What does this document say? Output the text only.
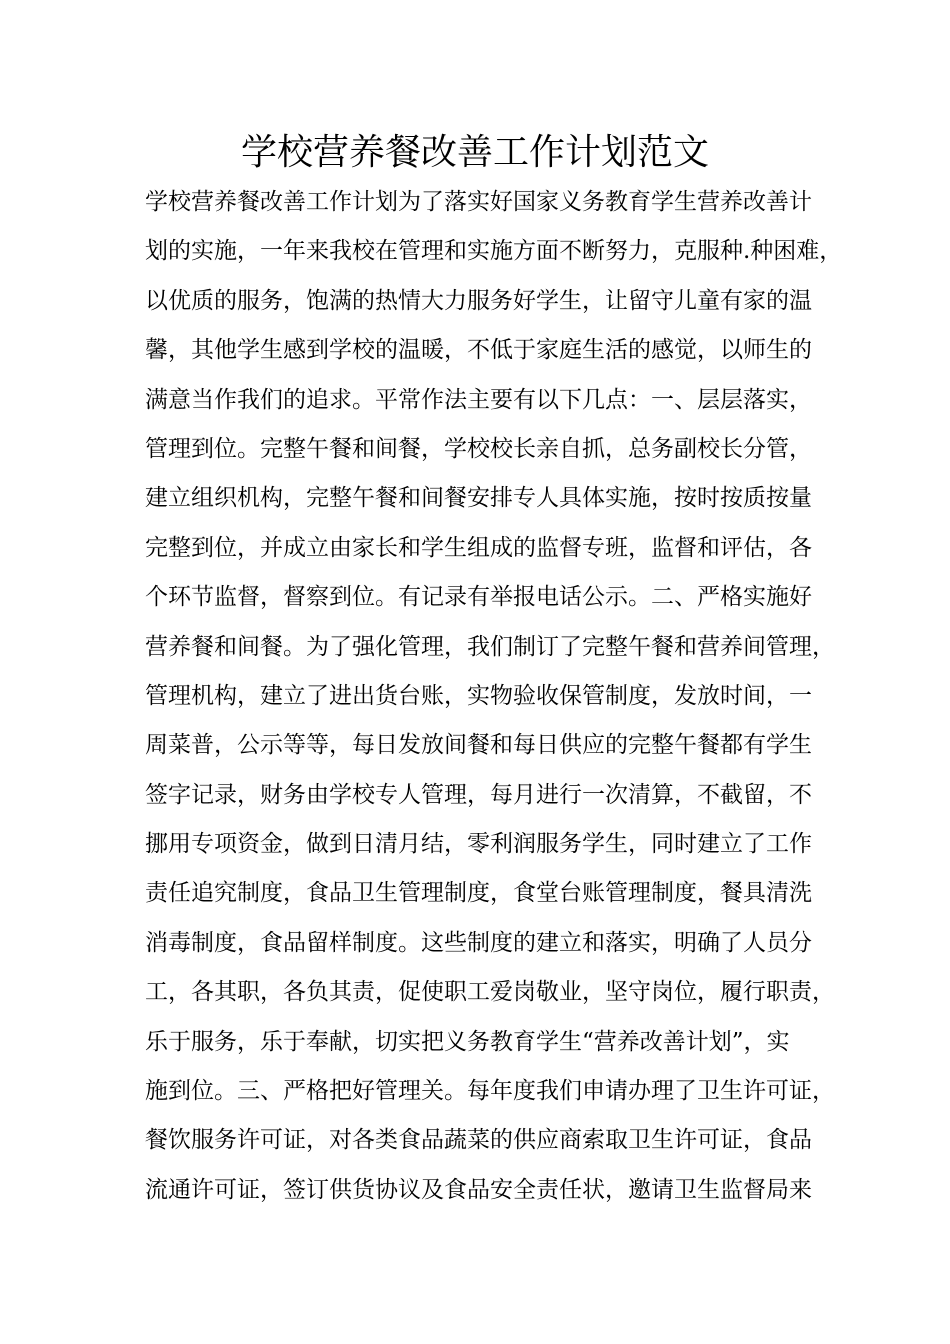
学校营养餐改善工作计划范文
学校营养餐改善工作计划为了落实好国家义务教育学生营养改善计
划的实施，一年来我校在管理和实施方面不断努力，克服种.种困难，
以优质的服务，饱满的热情大力服务好学生，让留守儿童有家的温
馨，其他学生感到学校的温暖，不低于家庭生活的感觉，以师生的
满意当作我们的追求。平常作法主要有以下几点：一、层层落实，
管理到位。完整午餐和间餐，学校校长亲自抓，总务副校长分管，
建立组织机构，完整午餐和间餐安排专人具体实施，按时按质按量
完整到位，并成立由家长和学生组成的监督专班，监督和评估，各
个环节监督，督察到位。有记录有举报电话公示。二、严格实施好
营养餐和间餐。为了强化管理，我们制订了完整午餐和营养间管理，
管理机构，建立了进出货台账，实物验收保管制度，发放时间，一
周菜普，公示等等，每日发放间餐和每日供应的完整午餐都有学生
签字记录，财务由学校专人管理，每月进行一次清算，不截留，不
挪用专项资金，做到日清月结，零利润服务学生，同时建立了工作
责任追究制度，食品卫生管理制度，食堂台账管理制度，餐具清洗
消毒制度，食品留样制度。这些制度的建立和落实，明确了人员分
工，各其职，各负其责，促使职工爱岗敬业，坚守岗位，履行职责，
乐于服务，乐于奉献，切实把义务教育学生“营养改善计划”，实
施到位。三、严格把好管理关。每年度我们申请办理了卫生许可证，
餐饮服务许可证，对各类食品蔬菜的供应商索取卫生许可证，食品
流通许可证，签订供货协议及食品安全责任状，邀请卫生监督局来
